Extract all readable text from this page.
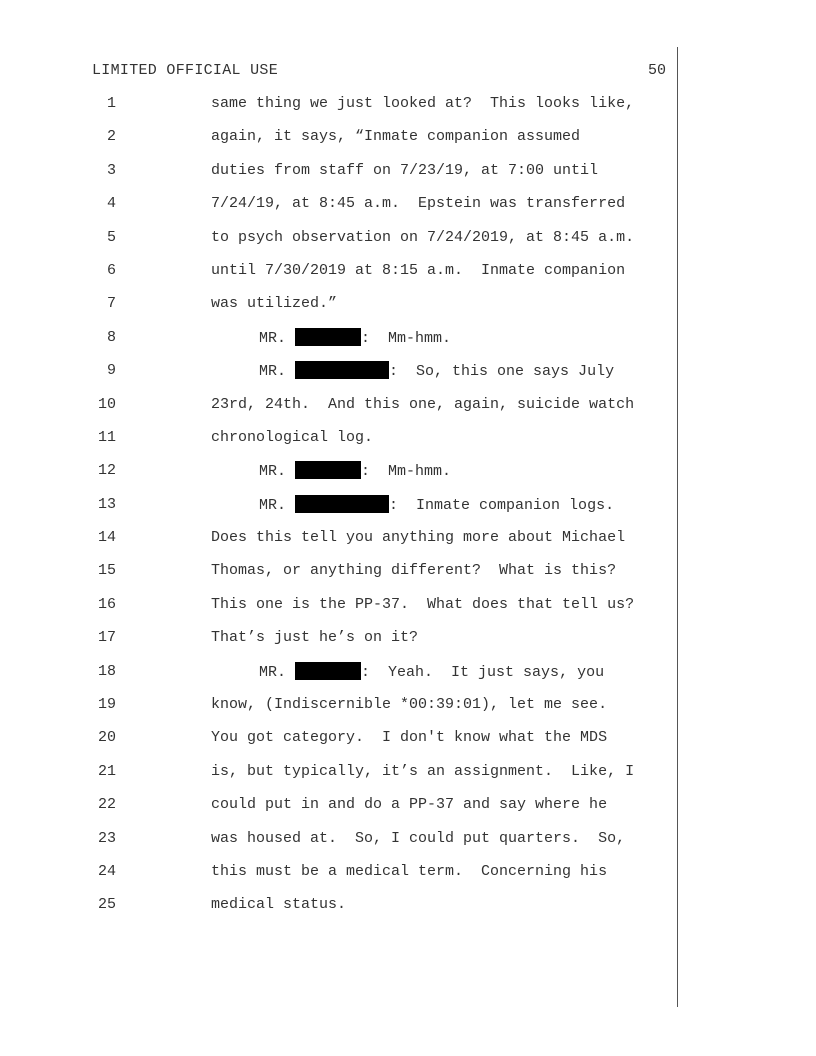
LIMITED OFFICIAL USE	50

1

	same thing we just looked at?  This looks like,

2

	again, it says, “Inmate companion assumed

3

	duties from staff on 7/23/19, at 7:00 until

4

	7/24/19, at 8:45 a.m.  Epstein was transferred

5

	to psych observation on 7/24/2019, at 8:45 a.m.

6

	until 7/30/2019 at 8:15 a.m.  Inmate companion

7

	was utilized.”

8

	MR.	:  Mm-hmm.

9

	MR.	:  So, this one says July

10

	23rd, 24th.  And this one, again, suicide watch

11

	chronological log.

12

	MR.	:  Mm-hmm.

13

	MR.	:  Inmate companion logs.

14

	Does this tell you anything more about Michael

15

	Thomas, or anything different?  What is this?

16

	This one is the PP-37.  What does that tell us?

17

	That’s just he’s on it?

18

	MR.	:  Yeah.  It just says, you

19

	know, (Indiscernible *00:39:01), let me see.

20

	You got category.  I don't know what the MDS

21

	is, but typically, it’s an assignment.  Like, I

22

	could put in and do a PP-37 and say where he

23

	was housed at.  So, I could put quarters.  So,

24

	this must be a medical term.  Concerning his

25

	medical status.
